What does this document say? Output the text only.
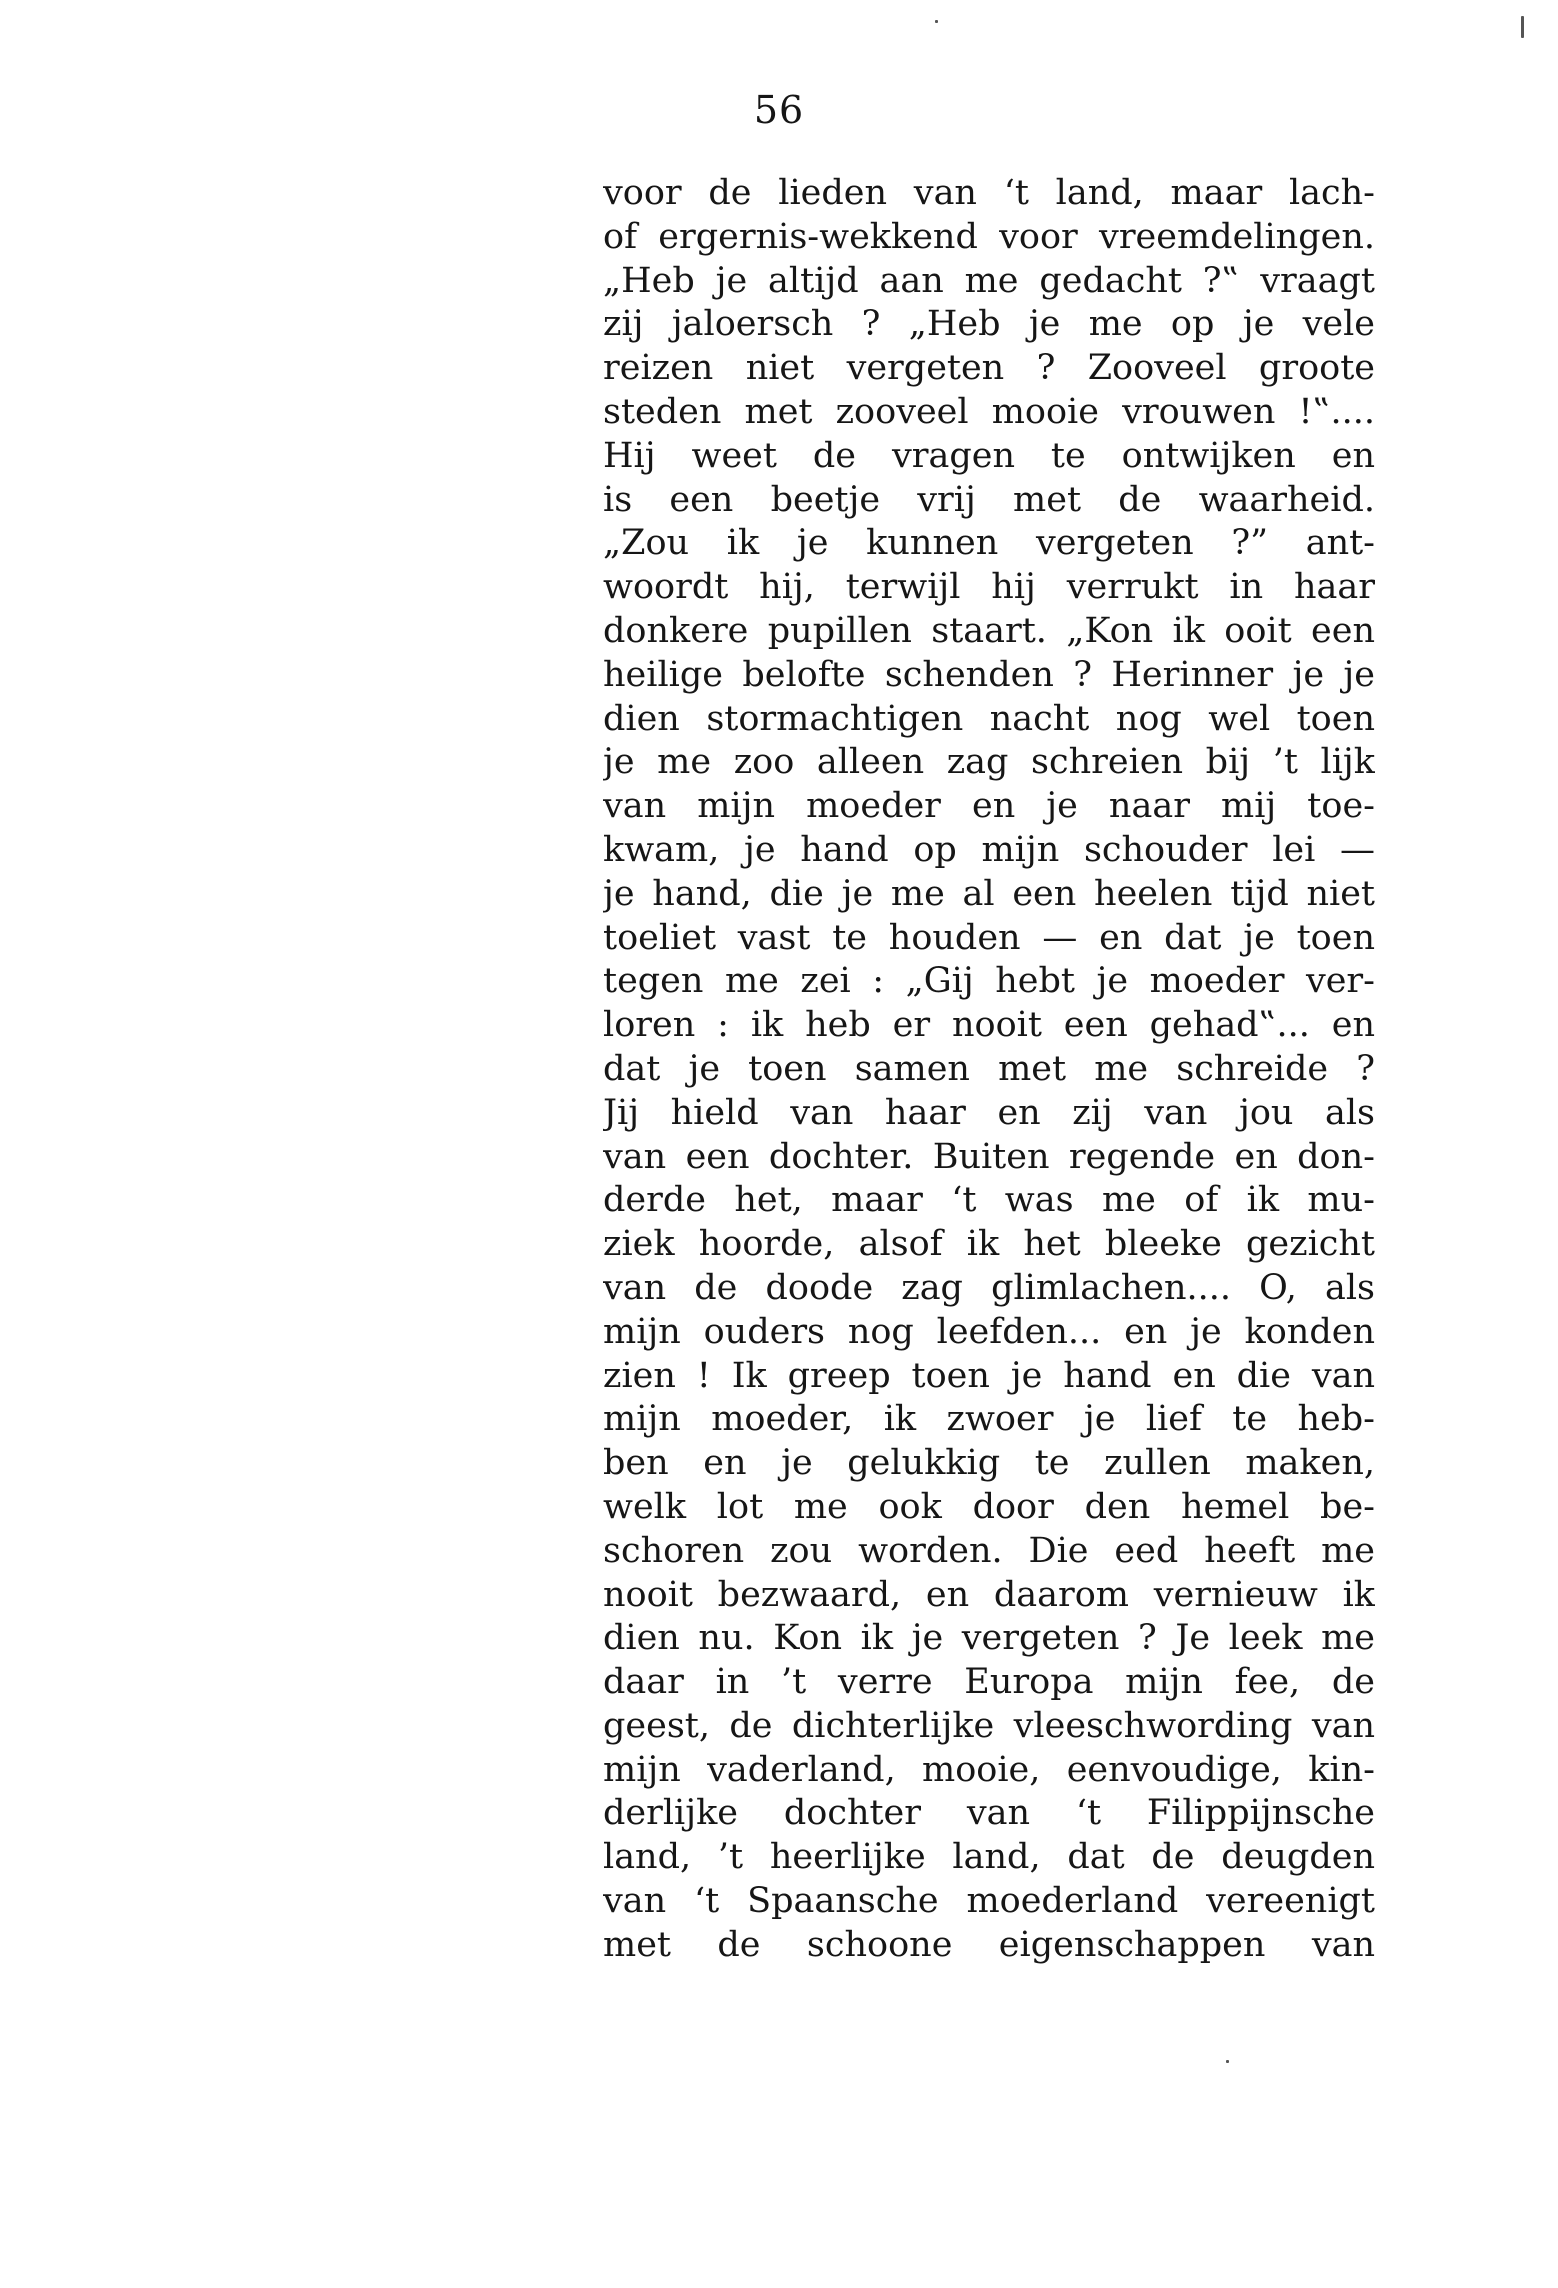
56
voor de lieden van ‘t land, maar lach-
of ergernis-wekkend voor vreemdelingen.
„Heb je altijd aan me gedacht ?‟ vraagt
zij jaloersch ? „Heb je me op je vele
reizen niet vergeten ? Zooveel groote
steden met zooveel mooie vrouwen !‟....
Hij weet de vragen te ontwijken en
is een beetje vrij met de waarheid.
„Zou ik je kunnen vergeten ?” ant-
woordt hij, terwijl hij verrukt in haar
donkere pupillen staart. „Kon ik ooit een
heilige belofte schenden ? Herinner je je
dien stormachtigen nacht nog wel toen
je me zoo alleen zag schreien bij ’t lijk
van mijn moeder en je naar mij toe-
kwam, je hand op mijn schouder lei —
je hand, die je me al een heelen tijd niet
toeliet vast te houden — en dat je toen
tegen me zei : „Gij hebt je moeder ver-
loren : ik heb er nooit een gehad‟... en
dat je toen samen met me schreide ?
Jij hield van haar en zij van jou als
van een dochter. Buiten regende en don-
derde het, maar ‘t was me of ik mu-
ziek hoorde, alsof ik het bleeke gezicht
van de doode zag glimlachen.... O, als
mijn ouders nog leefden... en je konden
zien ! Ik greep toen je hand en die van
mijn moeder, ik zwoer je lief te heb-
ben en je gelukkig te zullen maken,
welk lot me ook door den hemel be-
schoren zou worden. Die eed heeft me
nooit bezwaard, en daarom vernieuw ik
dien nu. Kon ik je vergeten ? Je leek me
daar in ’t verre Europa mijn fee, de
geest, de dichterlijke vleeschwording van
mijn vaderland, mooie, eenvoudige, kin-
derlijke dochter van ‘t Filippijnsche
land, ’t heerlijke land, dat de deugden
van ‘t Spaansche moederland vereenigt
met de schoone eigenschappen van
